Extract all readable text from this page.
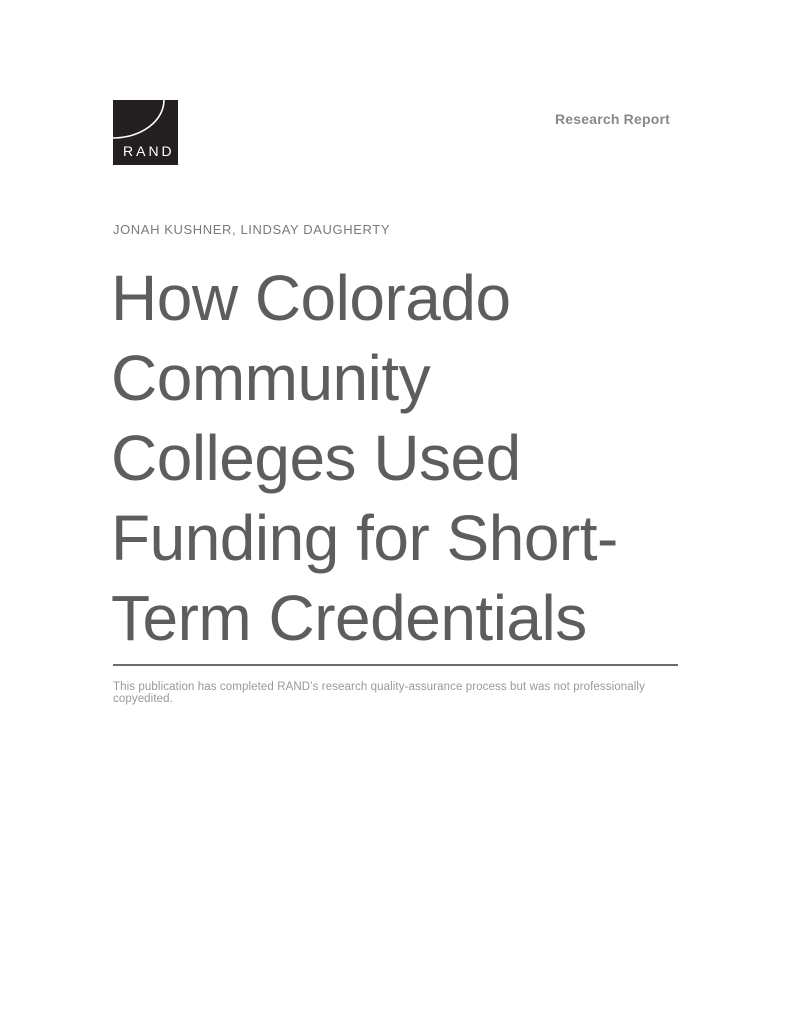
RAND
Research Report
JONAH KUSHNER, LINDSAY DAUGHERTY
How Colorado
Community
Colleges Used
Funding for Short-
Term Credentials
This publication has completed RAND’s research quality-assurance process but was not professionally copyedited.
